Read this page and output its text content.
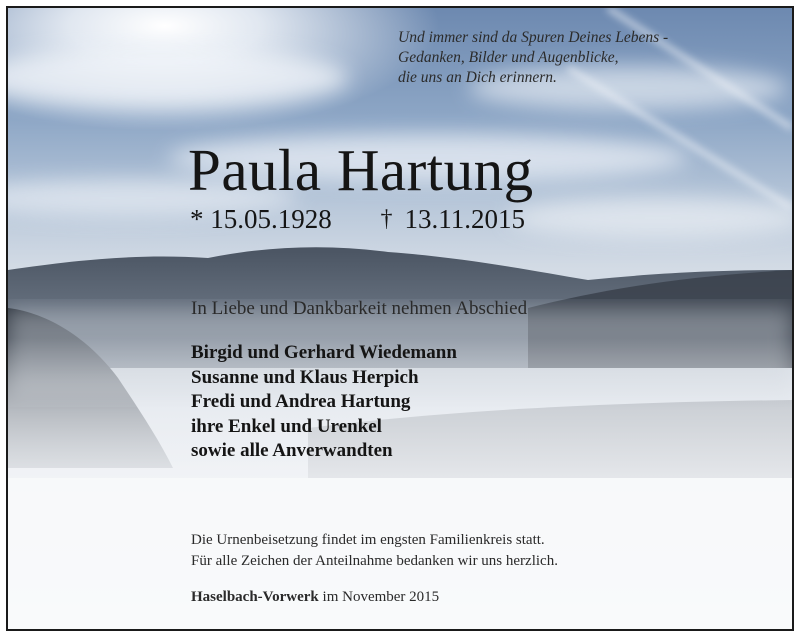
Und immer sind da Spuren Deines Lebens -
Gedanken, Bilder und Augenblicke,
die uns an Dich erinnern.
Paula Hartung
* 15.05.1928 † 13.11.2015
In Liebe und Dankbarkeit nehmen Abschied
Birgid und Gerhard Wiedemann
Susanne und Klaus Herpich
Fredi und Andrea Hartung
ihre Enkel und Urenkel
sowie alle Anverwandten
Die Urnenbeisetzung findet im engsten Familienkreis statt.
Für alle Zeichen der Anteilnahme bedanken wir uns herzlich.
Haselbach-Vorwerk im November 2015
